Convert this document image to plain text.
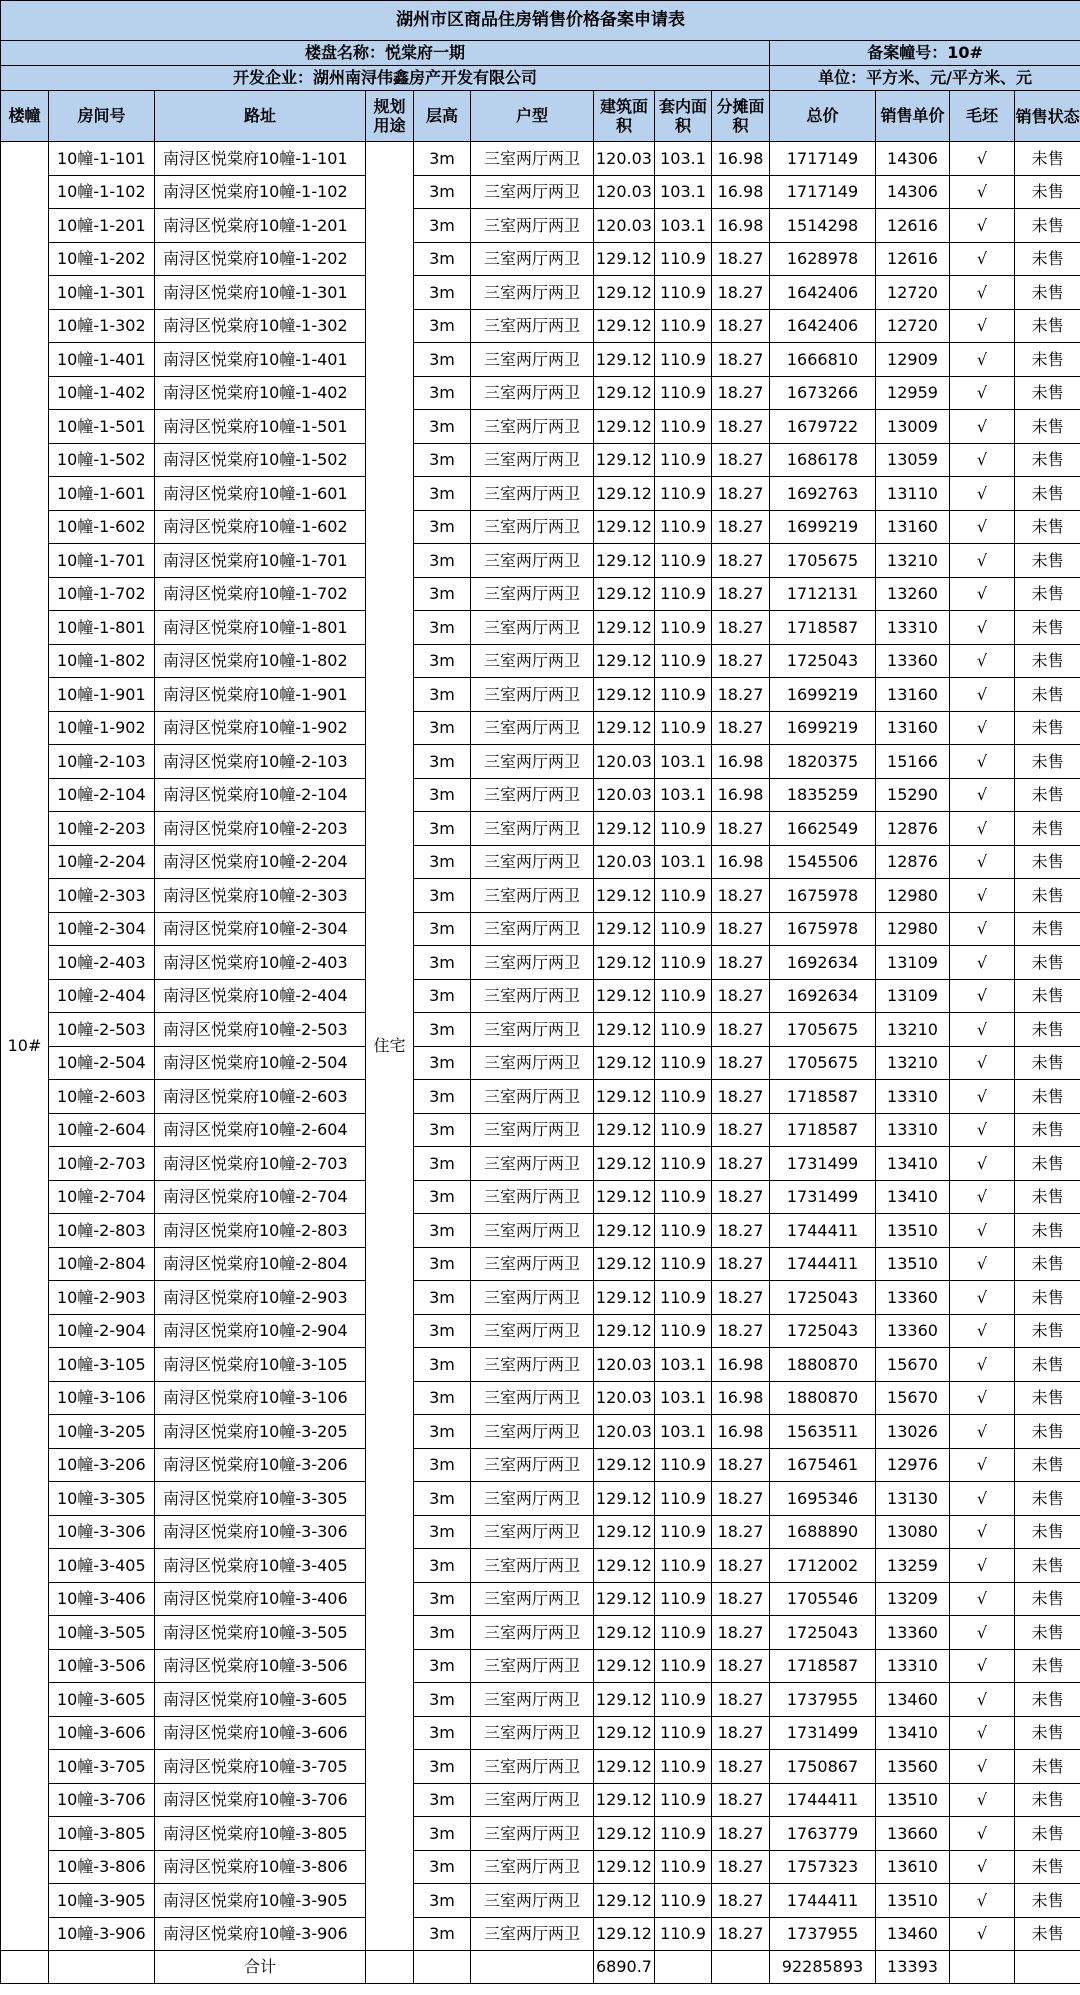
湖州市区商品住房销售价格备案申请表												
楼盘名称：悦棠府一期									备案幢号：10#			
开发企业：湖州南浔伟鑫房产开发有限公司									单位：平方米、元/平方米、元			
楼幢	房间号	路址	规划用途	层高	户型	建筑面积	套内面积	分摊面积	总价	销售单价	毛坯	销售状态
10#	10幢-1-101	南浔区悦棠府10幢-1-101	住宅	3m	三室两厅两卫	120.03	103.1	16.98	1717149	14306	√	未售
	10幢-1-102	南浔区悦棠府10幢-1-102		3m	三室两厅两卫	120.03	103.1	16.98	1717149	14306	√	未售
	10幢-1-201	南浔区悦棠府10幢-1-201		3m	三室两厅两卫	120.03	103.1	16.98	1514298	12616	√	未售
	10幢-1-202	南浔区悦棠府10幢-1-202		3m	三室两厅两卫	129.12	110.9	18.27	1628978	12616	√	未售
	10幢-1-301	南浔区悦棠府10幢-1-301		3m	三室两厅两卫	129.12	110.9	18.27	1642406	12720	√	未售
	10幢-1-302	南浔区悦棠府10幢-1-302		3m	三室两厅两卫	129.12	110.9	18.27	1642406	12720	√	未售
	10幢-1-401	南浔区悦棠府10幢-1-401		3m	三室两厅两卫	129.12	110.9	18.27	1666810	12909	√	未售
	10幢-1-402	南浔区悦棠府10幢-1-402		3m	三室两厅两卫	129.12	110.9	18.27	1673266	12959	√	未售
	10幢-1-501	南浔区悦棠府10幢-1-501		3m	三室两厅两卫	129.12	110.9	18.27	1679722	13009	√	未售
	10幢-1-502	南浔区悦棠府10幢-1-502		3m	三室两厅两卫	129.12	110.9	18.27	1686178	13059	√	未售
	10幢-1-601	南浔区悦棠府10幢-1-601		3m	三室两厅两卫	129.12	110.9	18.27	1692763	13110	√	未售
	10幢-1-602	南浔区悦棠府10幢-1-602		3m	三室两厅两卫	129.12	110.9	18.27	1699219	13160	√	未售
	10幢-1-701	南浔区悦棠府10幢-1-701		3m	三室两厅两卫	129.12	110.9	18.27	1705675	13210	√	未售
	10幢-1-702	南浔区悦棠府10幢-1-702		3m	三室两厅两卫	129.12	110.9	18.27	1712131	13260	√	未售
	10幢-1-801	南浔区悦棠府10幢-1-801		3m	三室两厅两卫	129.12	110.9	18.27	1718587	13310	√	未售
	10幢-1-802	南浔区悦棠府10幢-1-802		3m	三室两厅两卫	129.12	110.9	18.27	1725043	13360	√	未售
	10幢-1-901	南浔区悦棠府10幢-1-901		3m	三室两厅两卫	129.12	110.9	18.27	1699219	13160	√	未售
	10幢-1-902	南浔区悦棠府10幢-1-902		3m	三室两厅两卫	129.12	110.9	18.27	1699219	13160	√	未售
	10幢-2-103	南浔区悦棠府10幢-2-103		3m	三室两厅两卫	120.03	103.1	16.98	1820375	15166	√	未售
	10幢-2-104	南浔区悦棠府10幢-2-104		3m	三室两厅两卫	120.03	103.1	16.98	1835259	15290	√	未售
	10幢-2-203	南浔区悦棠府10幢-2-203		3m	三室两厅两卫	129.12	110.9	18.27	1662549	12876	√	未售
	10幢-2-204	南浔区悦棠府10幢-2-204		3m	三室两厅两卫	120.03	103.1	16.98	1545506	12876	√	未售
	10幢-2-303	南浔区悦棠府10幢-2-303		3m	三室两厅两卫	129.12	110.9	18.27	1675978	12980	√	未售
	10幢-2-304	南浔区悦棠府10幢-2-304		3m	三室两厅两卫	129.12	110.9	18.27	1675978	12980	√	未售
	10幢-2-403	南浔区悦棠府10幢-2-403		3m	三室两厅两卫	129.12	110.9	18.27	1692634	13109	√	未售
	10幢-2-404	南浔区悦棠府10幢-2-404		3m	三室两厅两卫	129.12	110.9	18.27	1692634	13109	√	未售
	10幢-2-503	南浔区悦棠府10幢-2-503		3m	三室两厅两卫	129.12	110.9	18.27	1705675	13210	√	未售
	10幢-2-504	南浔区悦棠府10幢-2-504		3m	三室两厅两卫	129.12	110.9	18.27	1705675	13210	√	未售
	10幢-2-603	南浔区悦棠府10幢-2-603		3m	三室两厅两卫	129.12	110.9	18.27	1718587	13310	√	未售
	10幢-2-604	南浔区悦棠府10幢-2-604		3m	三室两厅两卫	129.12	110.9	18.27	1718587	13310	√	未售
	10幢-2-703	南浔区悦棠府10幢-2-703		3m	三室两厅两卫	129.12	110.9	18.27	1731499	13410	√	未售
	10幢-2-704	南浔区悦棠府10幢-2-704		3m	三室两厅两卫	129.12	110.9	18.27	1731499	13410	√	未售
	10幢-2-803	南浔区悦棠府10幢-2-803		3m	三室两厅两卫	129.12	110.9	18.27	1744411	13510	√	未售
	10幢-2-804	南浔区悦棠府10幢-2-804		3m	三室两厅两卫	129.12	110.9	18.27	1744411	13510	√	未售
	10幢-2-903	南浔区悦棠府10幢-2-903		3m	三室两厅两卫	129.12	110.9	18.27	1725043	13360	√	未售
	10幢-2-904	南浔区悦棠府10幢-2-904		3m	三室两厅两卫	129.12	110.9	18.27	1725043	13360	√	未售
	10幢-3-105	南浔区悦棠府10幢-3-105		3m	三室两厅两卫	120.03	103.1	16.98	1880870	15670	√	未售
	10幢-3-106	南浔区悦棠府10幢-3-106		3m	三室两厅两卫	120.03	103.1	16.98	1880870	15670	√	未售
	10幢-3-205	南浔区悦棠府10幢-3-205		3m	三室两厅两卫	120.03	103.1	16.98	1563511	13026	√	未售
	10幢-3-206	南浔区悦棠府10幢-3-206		3m	三室两厅两卫	129.12	110.9	18.27	1675461	12976	√	未售
	10幢-3-305	南浔区悦棠府10幢-3-305		3m	三室两厅两卫	129.12	110.9	18.27	1695346	13130	√	未售
	10幢-3-306	南浔区悦棠府10幢-3-306		3m	三室两厅两卫	129.12	110.9	18.27	1688890	13080	√	未售
	10幢-3-405	南浔区悦棠府10幢-3-405		3m	三室两厅两卫	129.12	110.9	18.27	1712002	13259	√	未售
	10幢-3-406	南浔区悦棠府10幢-3-406		3m	三室两厅两卫	129.12	110.9	18.27	1705546	13209	√	未售
	10幢-3-505	南浔区悦棠府10幢-3-505		3m	三室两厅两卫	129.12	110.9	18.27	1725043	13360	√	未售
	10幢-3-506	南浔区悦棠府10幢-3-506		3m	三室两厅两卫	129.12	110.9	18.27	1718587	13310	√	未售
	10幢-3-605	南浔区悦棠府10幢-3-605		3m	三室两厅两卫	129.12	110.9	18.27	1737955	13460	√	未售
	10幢-3-606	南浔区悦棠府10幢-3-606		3m	三室两厅两卫	129.12	110.9	18.27	1731499	13410	√	未售
	10幢-3-705	南浔区悦棠府10幢-3-705		3m	三室两厅两卫	129.12	110.9	18.27	1750867	13560	√	未售
	10幢-3-706	南浔区悦棠府10幢-3-706		3m	三室两厅两卫	129.12	110.9	18.27	1744411	13510	√	未售
	10幢-3-805	南浔区悦棠府10幢-3-805		3m	三室两厅两卫	129.12	110.9	18.27	1763779	13660	√	未售
	10幢-3-806	南浔区悦棠府10幢-3-806		3m	三室两厅两卫	129.12	110.9	18.27	1757323	13610	√	未售
	10幢-3-905	南浔区悦棠府10幢-3-905		3m	三室两厅两卫	129.12	110.9	18.27	1744411	13510	√	未售
	10幢-3-906	南浔区悦棠府10幢-3-906		3m	三室两厅两卫	129.12	110.9	18.27	1737955	13460	√	未售
		合计				6890.7			92285893	13393		
